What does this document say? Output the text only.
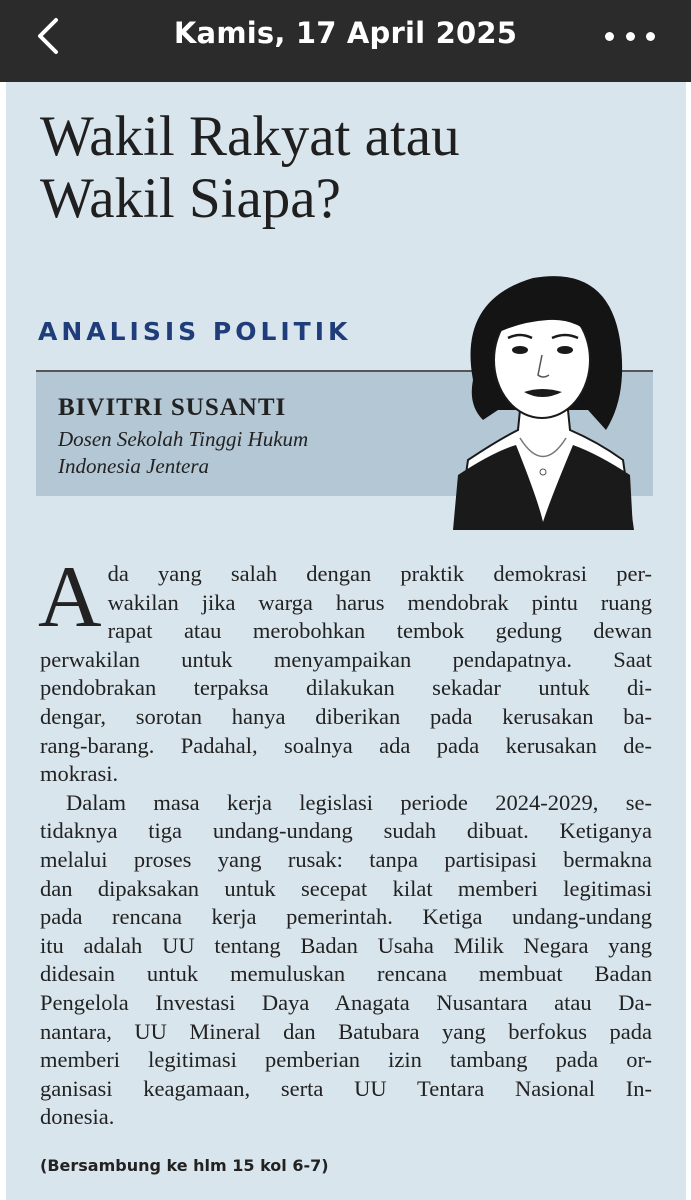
Kamis, 17 April 2025
Wakil Rakyat atau
Wakil Siapa?
ANALISIS POLITIK
BIVITRI SUSANTI
Dosen Sekolah Tinggi Hukum
Indonesia Jentera

A da yang salah dengan praktik demokrasi per-
wakilan jika warga harus mendobrak pintu ruang
rapat atau merobohkan tembok gedung dewan
perwakilan untuk menyampaikan pendapatnya. Saat
pendobrakan terpaksa dilakukan sekadar untuk di-
dengar, sorotan hanya diberikan pada kerusakan ba-
rang-barang. Padahal, soalnya ada pada kerusakan de-
mokrasi.

Dalam masa kerja legislasi periode 2024-2029, se-
tidaknya tiga undang-undang sudah dibuat. Ketiganya
melalui proses yang rusak: tanpa partisipasi bermakna
dan dipaksakan untuk secepat kilat memberi legitimasi
pada rencana kerja pemerintah. Ketiga undang-undang
itu adalah UU tentang Badan Usaha Milik Negara yang
didesain untuk memuluskan rencana membuat Badan
Pengelola Investasi Daya Anagata Nusantara atau Da-
nantara, UU Mineral dan Batubara yang berfokus pada
memberi legitimasi pemberian izin tambang pada or-
ganisasi keagamaan, serta UU Tentara Nasional In-
donesia.

(Bersambung ke hlm 15 kol 6-7)
